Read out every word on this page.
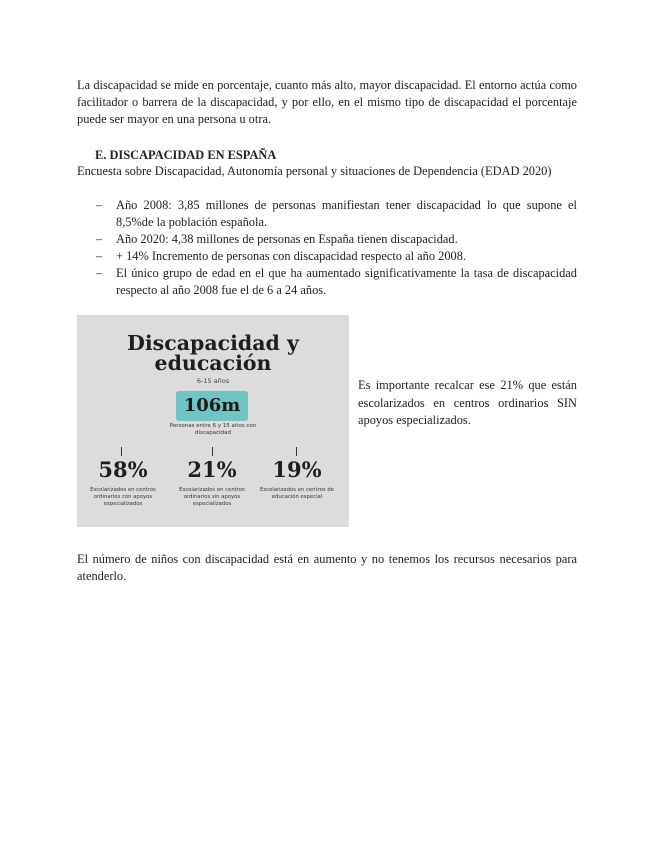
La discapacidad se mide en porcentaje, cuanto más alto, mayor discapacidad. El entorno actúa como facilitador o barrera de la discapacidad, y por ello, en el mismo tipo de discapacidad el porcentaje puede ser mayor en una persona u otra.

E. DISCAPACIDAD EN ESPAÑA

Encuesta sobre Discapacidad, Autonomía personal y situaciones de Dependencia (EDAD 2020)

– Año 2008: 3,85 millones de personas manifiestan tener discapacidad lo que supone el 8,5%de la población española.
– Año 2020: 4,38 millones de personas en España tienen discapacidad.
– + 14% Incremento de personas con discapacidad respecto al año 2008.
– El único grupo de edad en el que ha aumentado significativamente la tasa de discapacidad respecto al año 2008 fue el de 6 a 24 años.
Discapacidad y
educación
6-15 años
106m
Personas entre 6 y 15 años con discapacidad
58%	21%	19%
Escolarizados en centros ordinarios con apoyos especializados
Escolarizados en centros ordinarios sin apoyos especializados
Escolarizados en centros de educación especial

Es importante recalcar ese 21% que están escolarizados en centros ordinarios SIN apoyos especializados.

El número de niños con discapacidad está en aumento y no tenemos los recursos necesarios para atenderlo.
